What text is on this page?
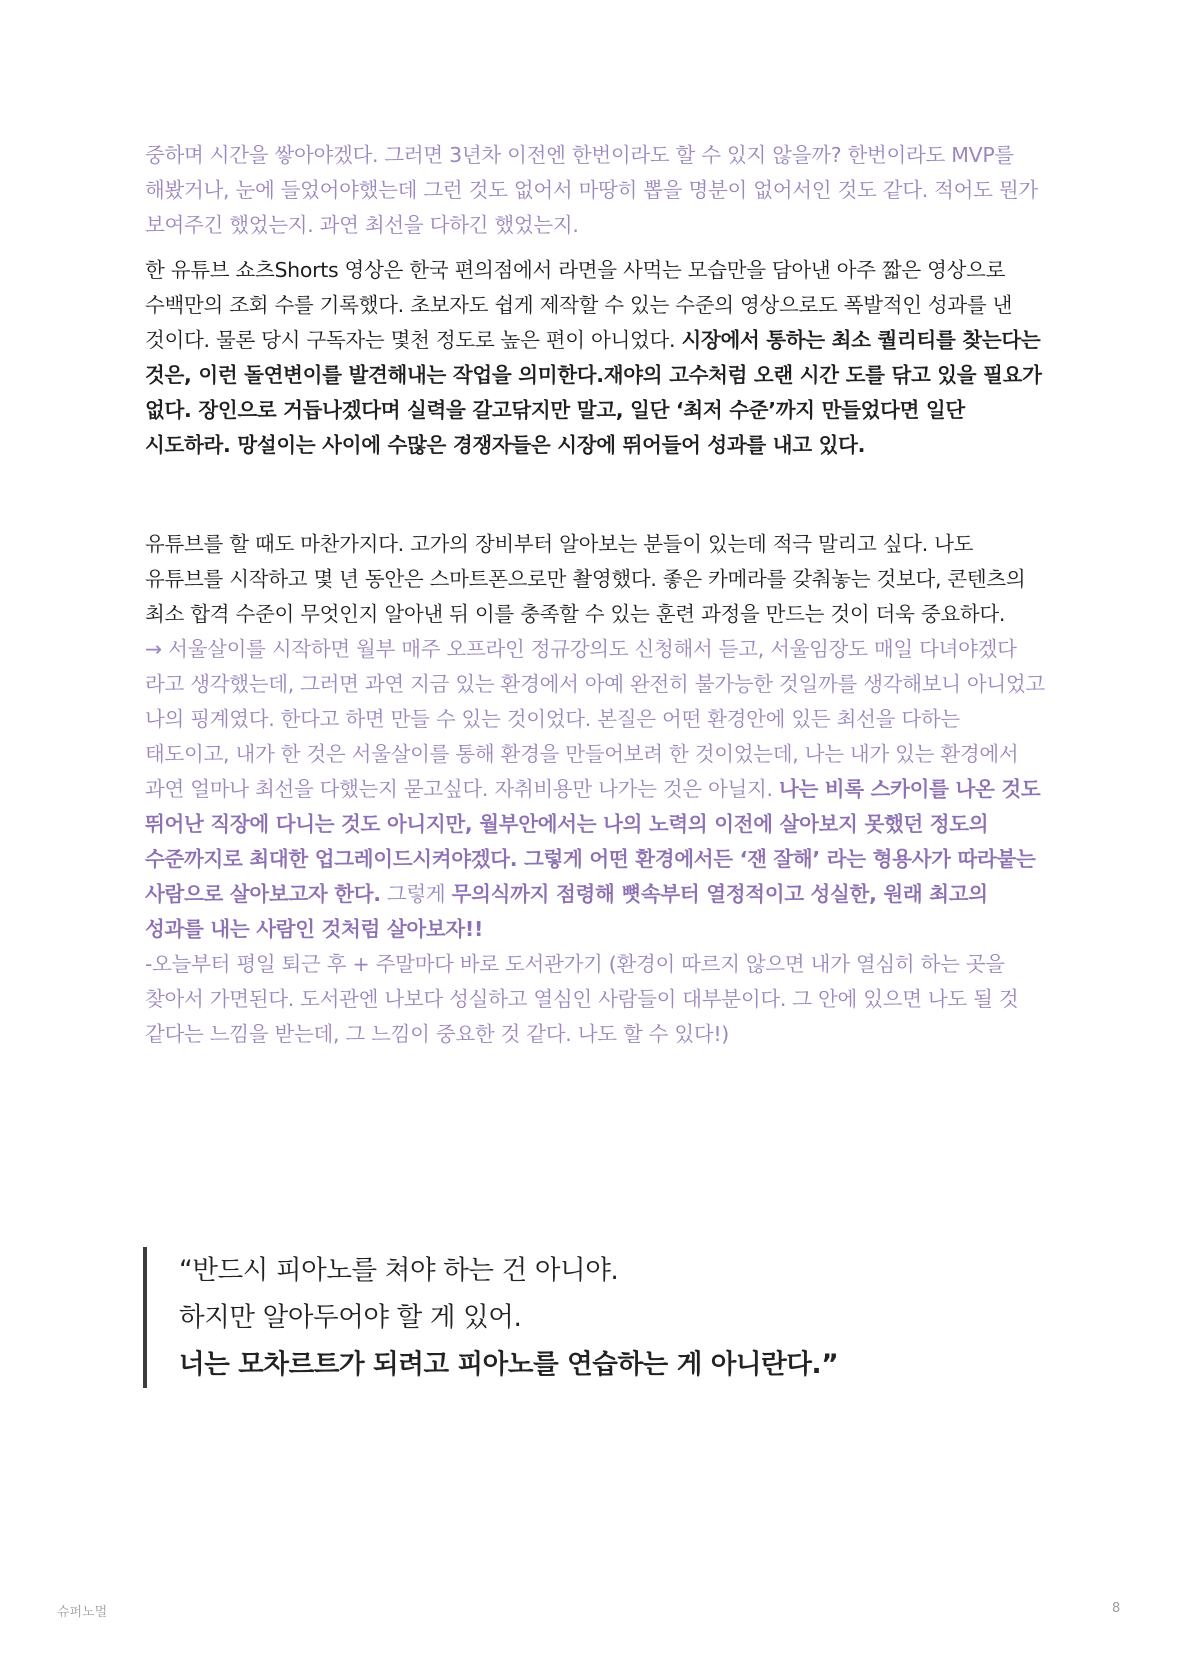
중하며 시간을 쌓아야겠다. 그러면 3년차 이전엔 한번이라도 할 수 있지 않을까? 한번이라도 MVP를 해봤거나, 눈에 들었어야했는데 그런 것도 없어서 마땅히 뽑을 명분이 없어서인 것도 같다. 적어도 뭔가 보여주긴 했었는지. 과연 최선을 다하긴 했었는지.

한 유튜브 쇼츠Shorts 영상은 한국 편의점에서 라면을 사먹는 모습만을 담아낸 아주 짧은 영상으로 수백만의 조회 수를 기록했다. 초보자도 쉽게 제작할 수 있는 수준의 영상으로도 폭발적인 성과를 낸 것이다. 물론 당시 구독자는 몇천 정도로 높은 편이 아니었다. 시장에서 통하는 최소 퀄리티를 찾는다는 것은, 이런 돌연변이를 발견해내는 작업을 의미한다.재야의 고수처럼 오랜 시간 도를 닦고 있을 필요가 없다. 장인으로 거듭나겠다며 실력을 갈고닦지만 말고, 일단 ‘최저 수준’까지 만들었다면 일단 시도하라. 망설이는 사이에 수많은 경쟁자들은 시장에 뛰어들어 성과를 내고 있다.

유튜브를 할 때도 마찬가지다. 고가의 장비부터 알아보는 분들이 있는데 적극 말리고 싶다. 나도 유튜브를 시작하고 몇 년 동안은 스마트폰으로만 촬영했다. 좋은 카메라를 갖춰놓는 것보다, 콘텐츠의 최소 합격 수준이 무엇인지 알아낸 뒤 이를 충족할 수 있는 훈련 과정을 만드는 것이 더욱 중요하다.

→ 서울살이를 시작하면 월부 매주 오프라인 정규강의도 신청해서 듣고, 서울임장도 매일 다녀야겠다 라고 생각했는데, 그러면 과연 지금 있는 환경에서 아예 완전히 불가능한 것일까를 생각해보니 아니었고 나의 핑계였다. 한다고 하면 만들 수 있는 것이었다. 본질은 어떤 환경안에 있든 최선을 다하는 태도이고, 내가 한 것은 서울살이를 통해 환경을 만들어보려 한 것이었는데, 나는 내가 있는 환경에서 과연 얼마나 최선을 다했는지 묻고싶다. 자취비용만 나가는 것은 아닐지. 나는 비록 스카이를 나온 것도 뛰어난 직장에 다니는 것도 아니지만, 월부안에서는 나의 노력의 이전에 살아보지 못했던 정도의 수준까지로 최대한 업그레이드시켜야겠다. 그렇게 어떤 환경에서든 ‘잰 잘해’ 라는 형용사가 따라붙는 사람으로 살아보고자 한다. 그렇게 무의식까지 점령해 뼛속부터 열정적이고 성실한, 원래 최고의 성과를 내는 사람인 것처럼 살아보자!!
-오늘부터 평일 퇴근 후 + 주말마다 바로 도서관가기 (환경이 따르지 않으면 내가 열심히 하는 곳을 찾아서 가면된다. 도서관엔 나보다 성실하고 열심인 사람들이 대부분이다. 그 안에 있으면 나도 될 것 같다는 느낌을 받는데, 그 느낌이 중요한 것 같다. 나도 할 수 있다!)

“반드시 피아노를 쳐야 하는 건 아니야.
하지만 알아두어야 할 게 있어.
너는 모차르트가 되려고 피아노를 연습하는 게 아니란다.”
슈퍼노멀	8
